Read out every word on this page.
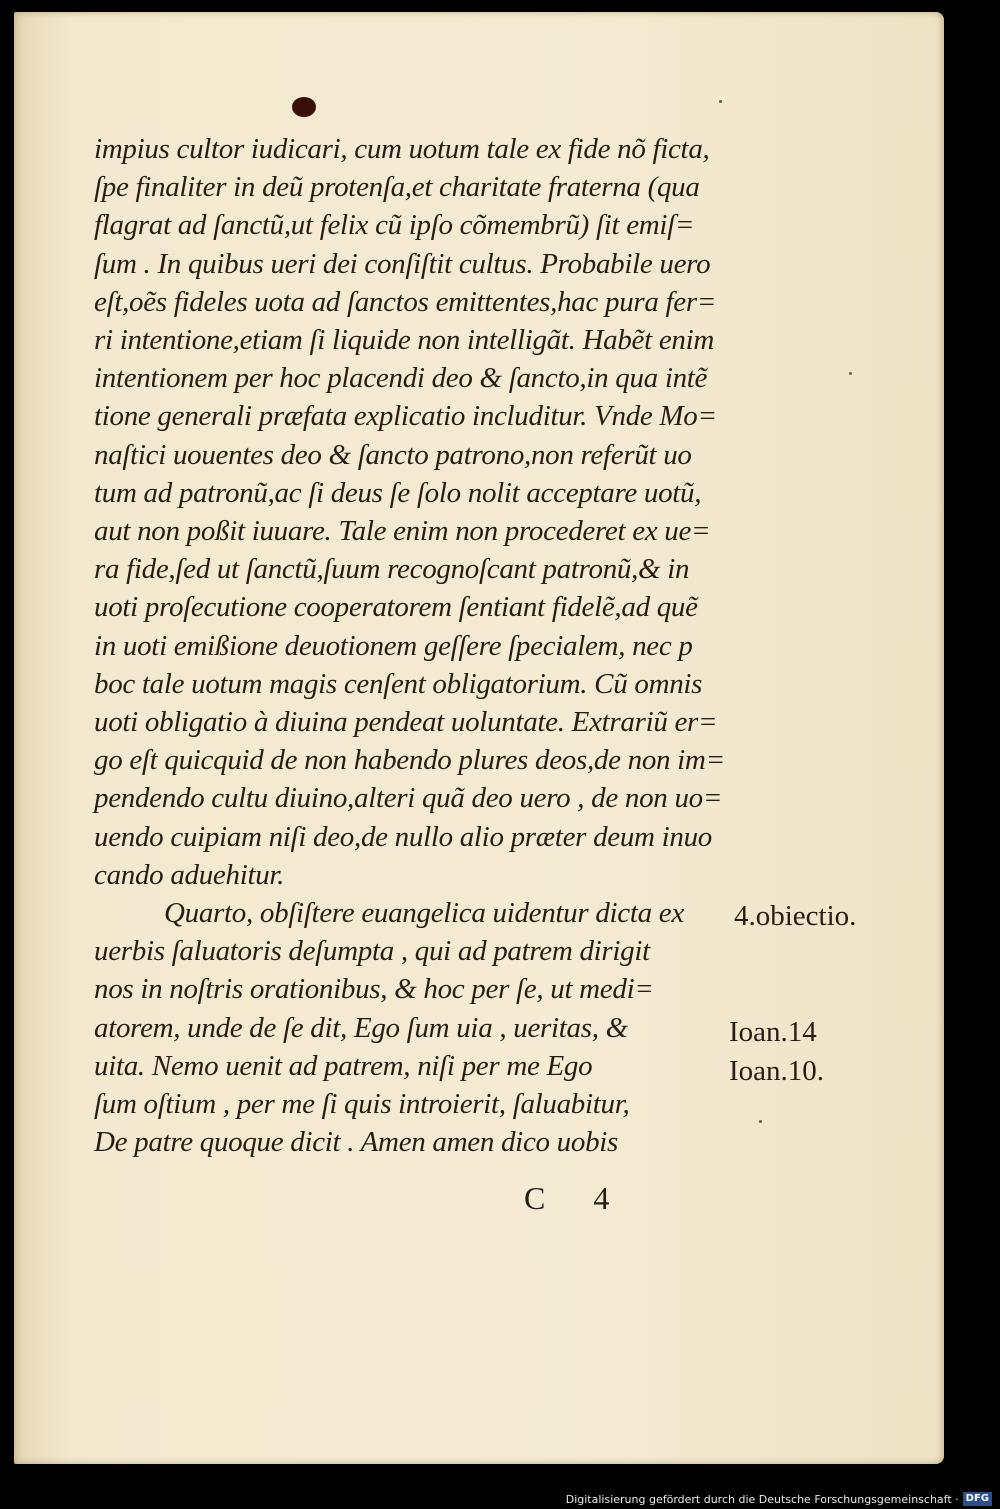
impius cultor iudicari, cum uotum tale ex fide nõ ficta,
ſpe finaliter in deũ protenſa,et charitate fraterna (qua
flagrat ad ſanctũ,ut felix cũ ipſo cõmembrũ) ſit emiſ=
ſum . In quibus ueri dei conſiſtit cultus. Probabile uero
eſt,oẽs fideles uota ad ſanctos emittentes,hac pura fer=
ri intentione,etiam ſi liquide non intelligãt. Habẽt enim
intentionem per hoc placendi deo & ſancto,in qua intẽ
tione generali præfata explicatio includitur. Vnde Mo=
naſtici uouentes deo & ſancto patrono,non referũt uo
tum ad patronũ,ac ſi deus ſe ſolo nolit acceptare uotũ,
aut non poßit iuuare. Tale enim non procederet ex ue=
ra fide,ſed ut ſanctũ,ſuum recognoſcant patronũ,& in
uoti proſecutione cooperatorem ſentiant fidelẽ,ad quẽ
in uoti emißione deuotionem geſſere ſpecialem, nec p
boc tale uotum magis cenſent obligatorium. Cũ omnis
uoti obligatio à diuina pendeat uoluntate. Extrariũ er=
go eſt quicquid de non habendo plures deos,de non im=
pendendo cultu diuino,alteri quã deo uero , de non uo=
uendo cuipiam niſi deo,de nullo alio præter deum inuo
cando aduehitur.
Quarto, obſiſtere euangelica uidentur dicta ex
uerbis ſaluatoris deſumpta , qui ad patrem dirigit
nos in noſtris orationibus, & hoc per ſe, ut medi=
atorem, unde de ſe dit, Ego ſum uia , ueritas, &
uita. Nemo uenit ad patrem, niſi per me Ego
ſum oſtium , per me ſi quis introierit, ſaluabitur,
De patre quoque dicit . Amen amen dico uobis
4.obiectio.
Ioan.14
Ioan.10.
C 4
Digitalisierung gefördert durch die Deutsche Forschungsgemeinschaft · DFG
